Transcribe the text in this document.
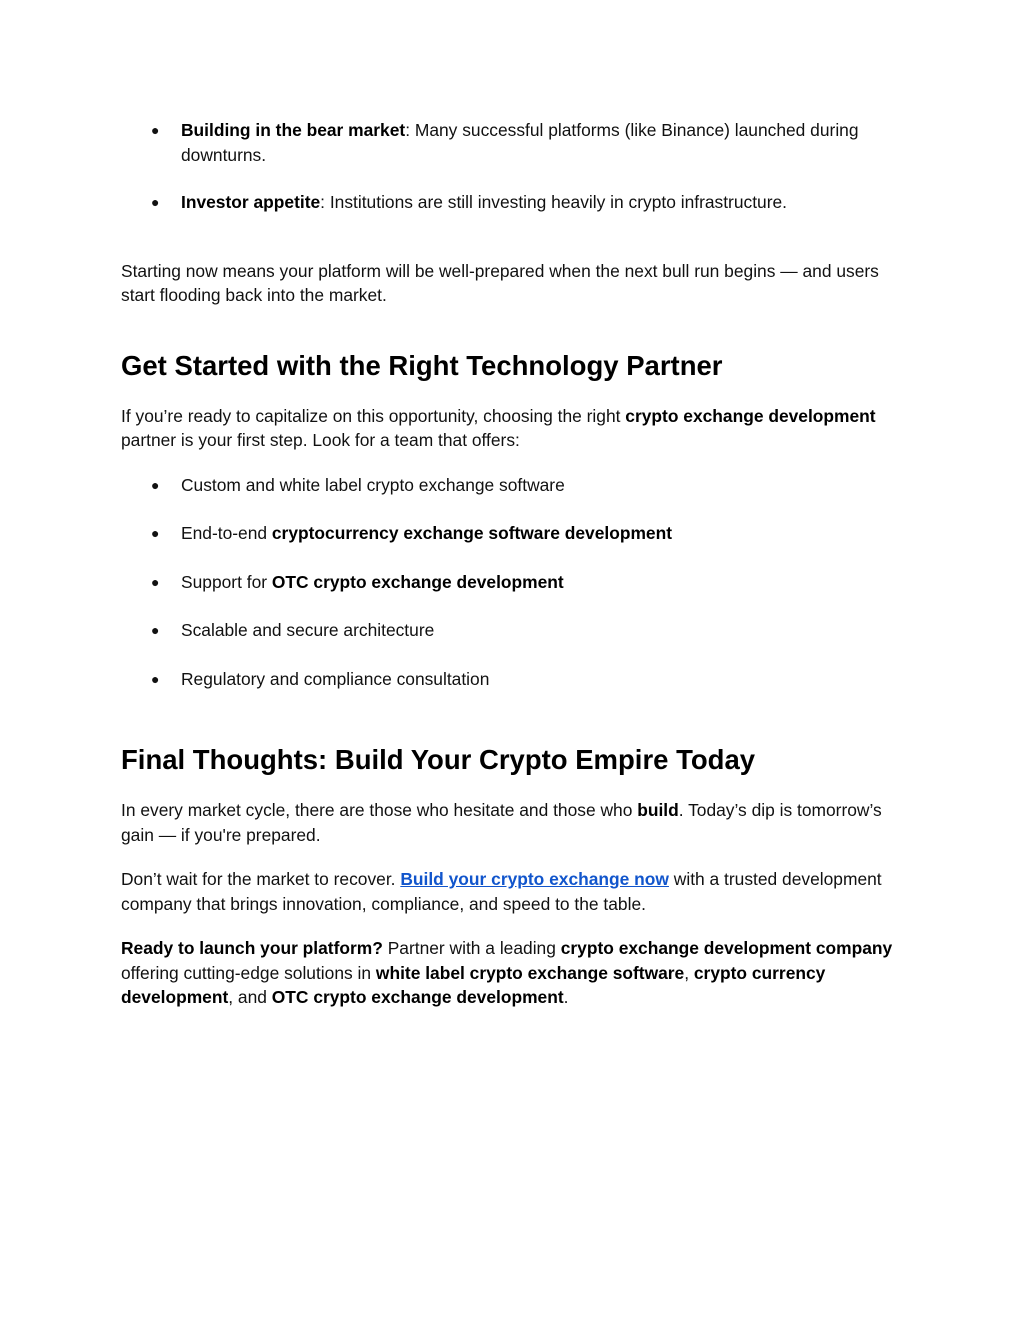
● Building in the bear market: Many successful platforms (like Binance) launched during downturns.
● Investor appetite: Institutions are still investing heavily in crypto infrastructure.

Starting now means your platform will be well-prepared when the next bull run begins — and users start flooding back into the market.

Get Started with the Right Technology Partner

If you’re ready to capitalize on this opportunity, choosing the right crypto exchange development partner is your first step. Look for a team that offers:

● Custom and white label crypto exchange software
● End-to-end cryptocurrency exchange software development
● Support for OTC crypto exchange development
● Scalable and secure architecture
● Regulatory and compliance consultation
Final Thoughts: Build Your Crypto Empire Today

In every market cycle, there are those who hesitate and those who build. Today’s dip is tomorrow’s gain — if you're prepared.

Don’t wait for the market to recover. Build your crypto exchange now with a trusted development company that brings innovation, compliance, and speed to the table.

Ready to launch your platform? Partner with a leading crypto exchange development company offering cutting-edge solutions in white label crypto exchange software, crypto currency development, and OTC crypto exchange development.
